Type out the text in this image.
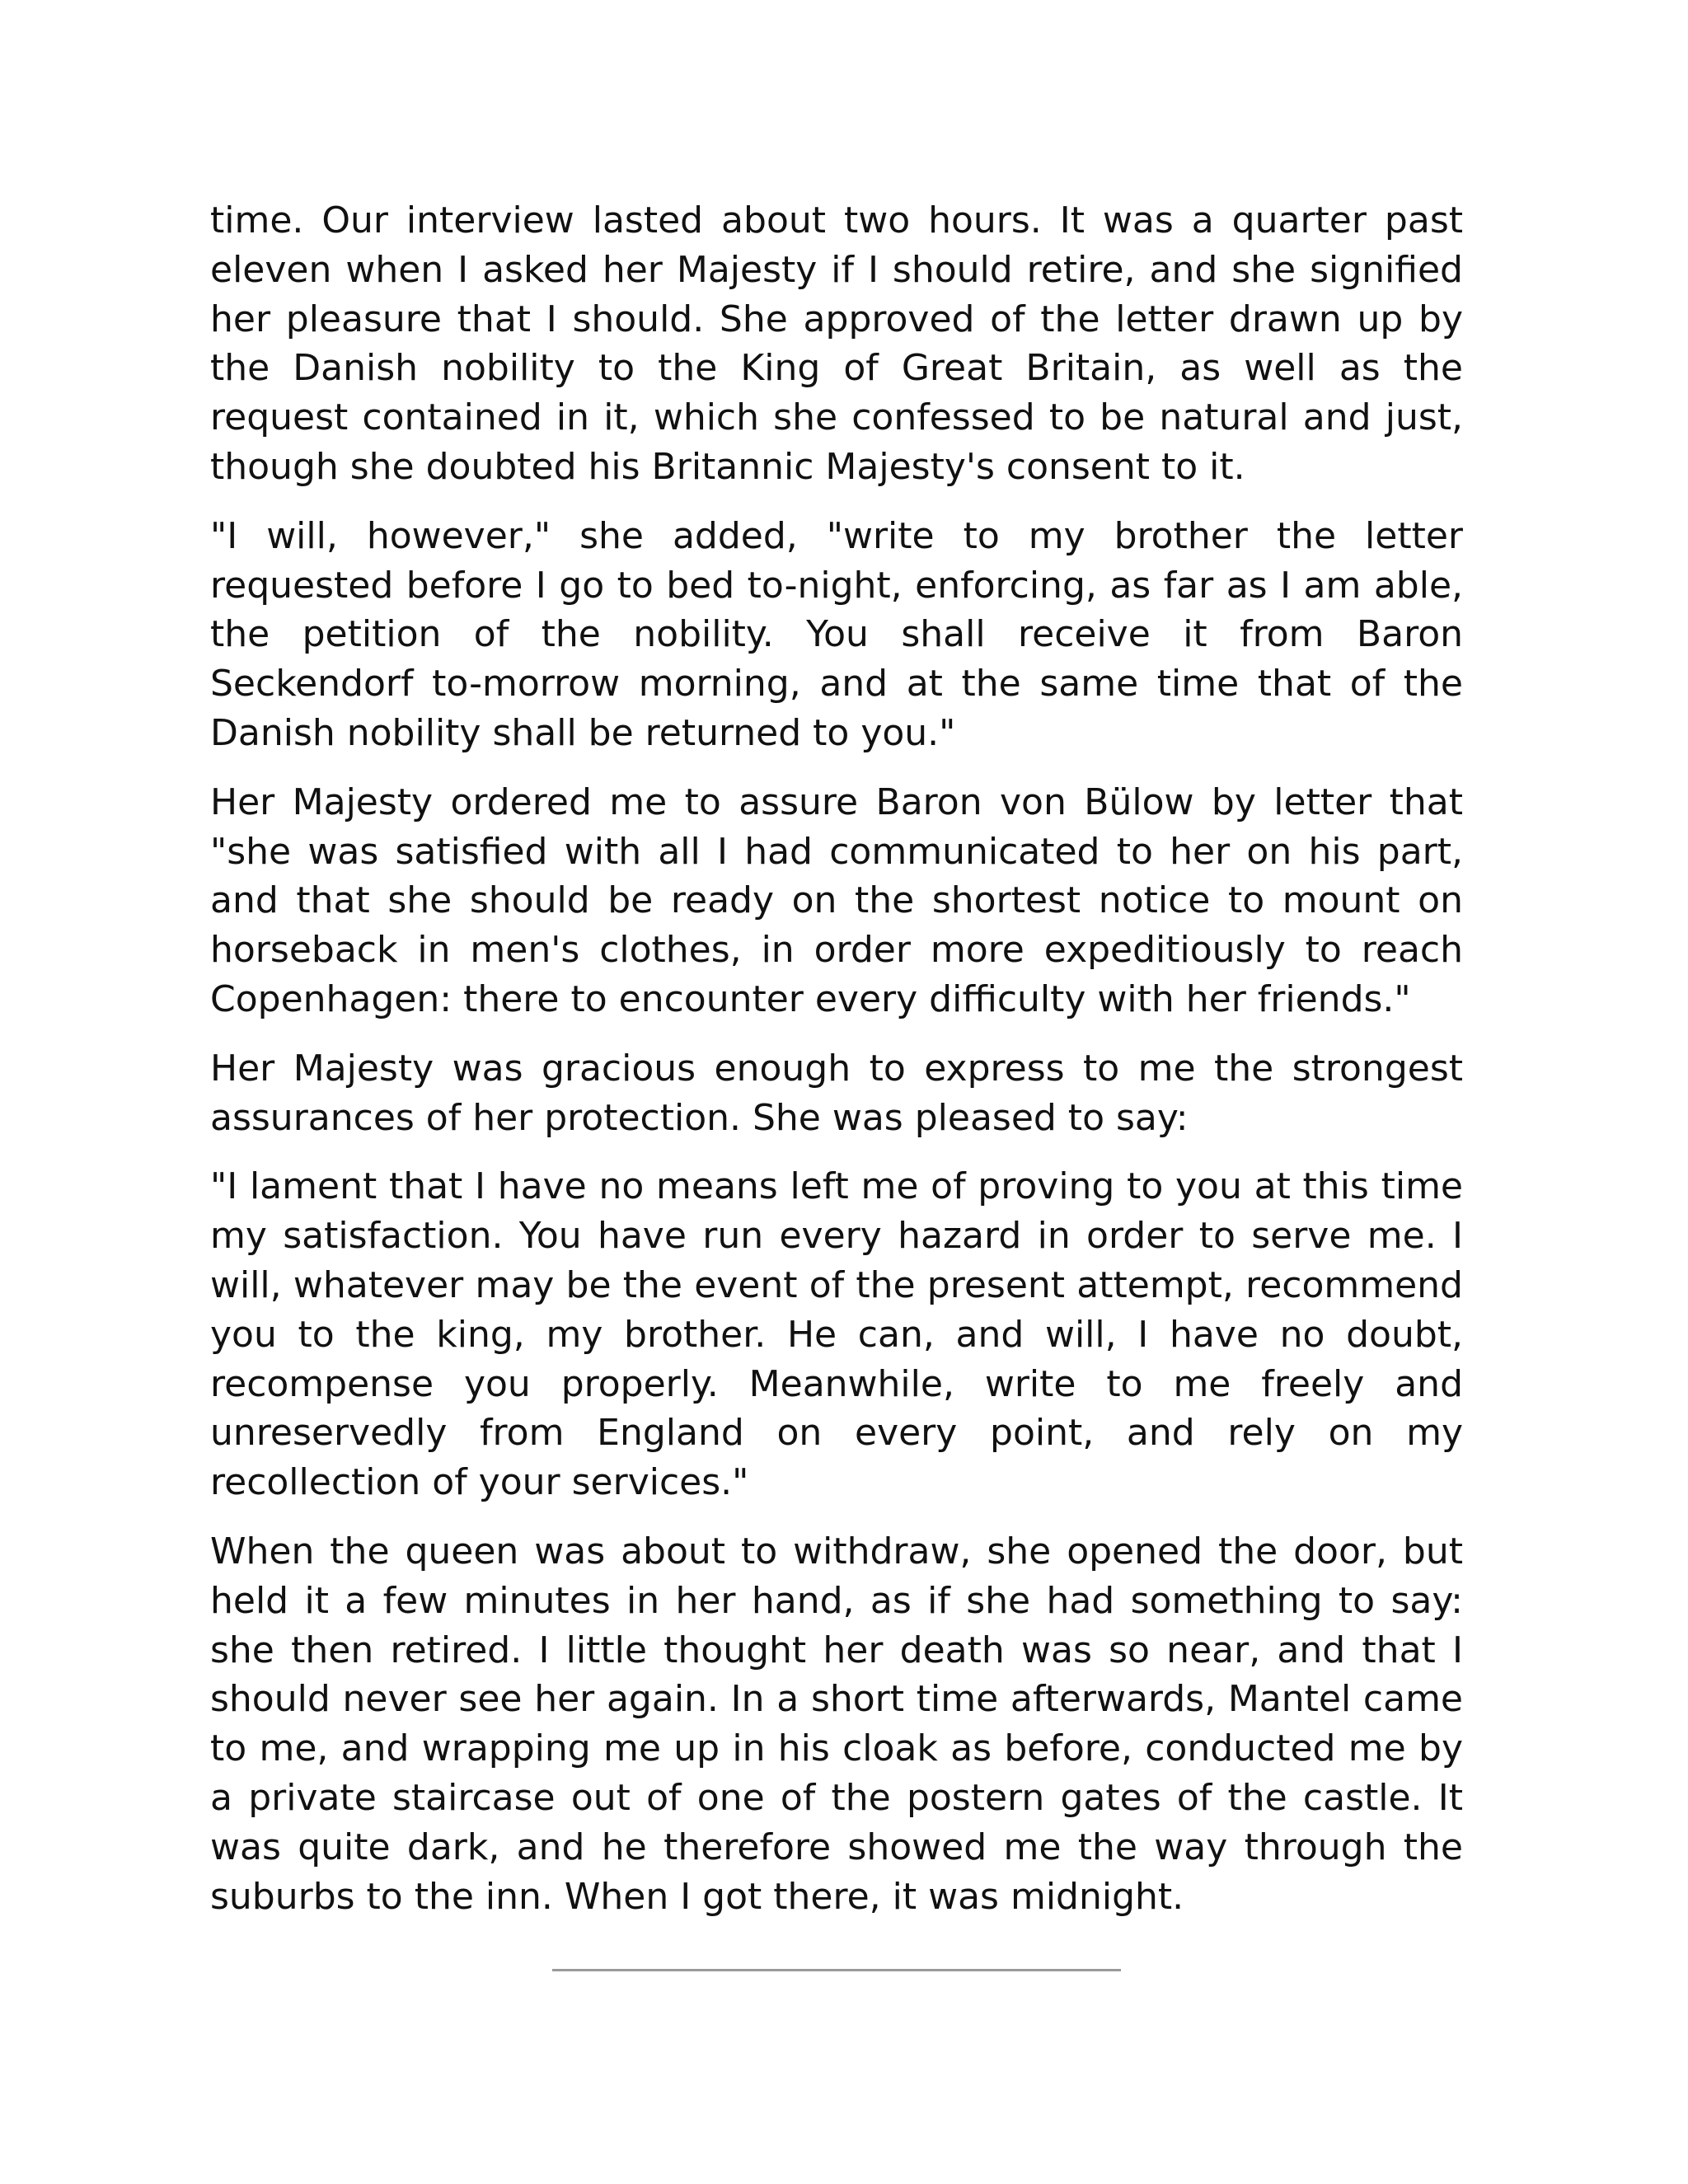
time. Our interview lasted about two hours. It was a quarter past eleven when I asked her Majesty if I should retire, and she signified her pleasure that I should. She approved of the letter drawn up by the Danish nobility to the King of Great Britain, as well as the request contained in it, which she confessed to be natural and just, though she doubted his Britannic Majesty's consent to it.

"I will, however," she added, "write to my brother the letter requested before I go to bed to-night, enforcing, as far as I am able, the petition of the nobility. You shall receive it from Baron Seckendorf to-morrow morning, and at the same time that of the Danish nobility shall be returned to you."

Her Majesty ordered me to assure Baron von Bülow by letter that "she was satisfied with all I had communicated to her on his part, and that she should be ready on the shortest notice to mount on horseback in men's clothes, in order more expeditiously to reach Copenhagen: there to encounter every difficulty with her friends."

Her Majesty was gracious enough to express to me the strongest assurances of her protection. She was pleased to say:

"I lament that I have no means left me of proving to you at this time my satisfaction. You have run every hazard in order to serve me. I will, whatever may be the event of the present attempt, recommend you to the king, my brother. He can, and will, I have no doubt, recompense you properly. Meanwhile, write to me freely and unreservedly from England on every point, and rely on my recollection of your services."

When the queen was about to withdraw, she opened the door, but held it a few minutes in her hand, as if she had something to say: she then retired. I little thought her death was so near, and that I should never see her again. In a short time afterwards, Mantel came to me, and wrapping me up in his cloak as before, conducted me by a private staircase out of one of the postern gates of the castle. It was quite dark, and he therefore showed me the way through the suburbs to the inn. When I got there, it was midnight.
